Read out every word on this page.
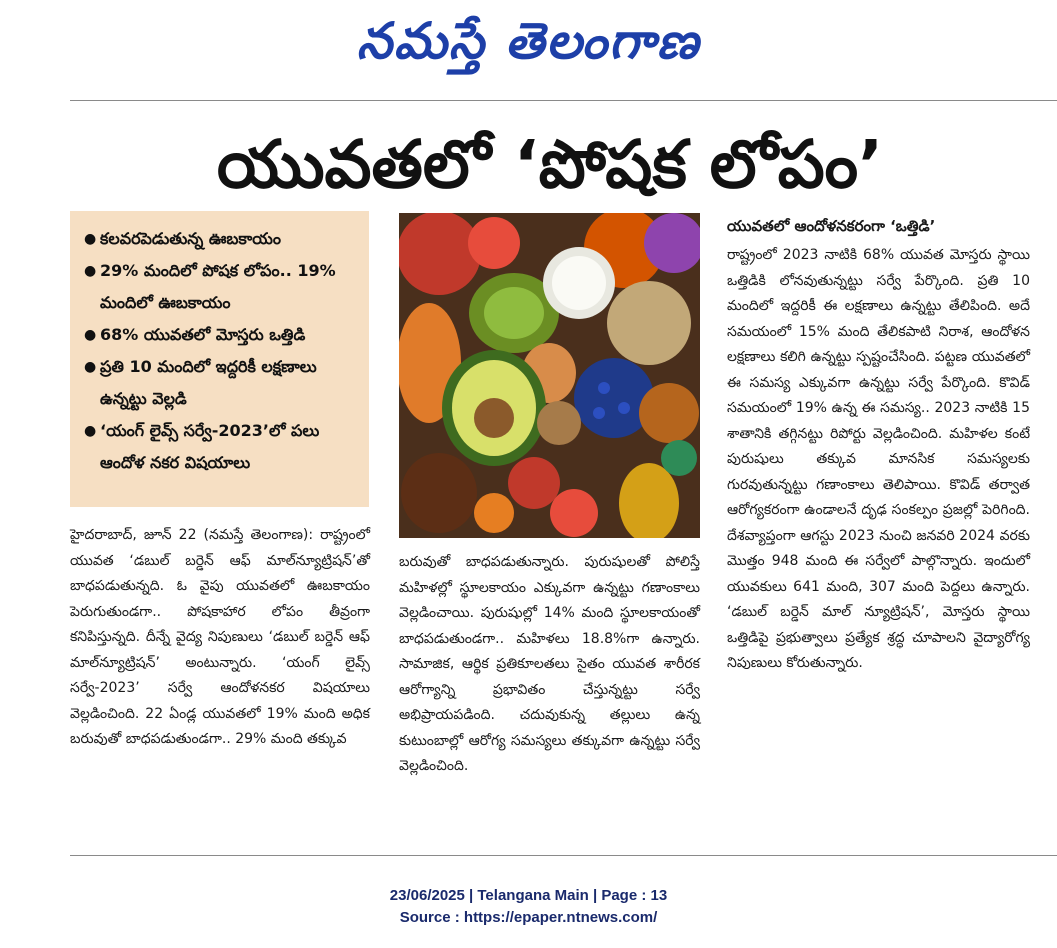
నమస్తే తెలంగాణ
యువతలో ‘పోషక లోపం’
● కలవరపెడుతున్న ఊబకాయం
● 29% మందిలో పోషక లోపం.. 19% మందిలో ఊబకాయం
● 68% యువతలో మోస్తరు ఒత్తిడి
● ప్రతి 10 మందిలో ఇద్దరికీ లక్షణాలు ఉన్నట్టు వెల్లడి
● ‘యంగ్ లైవ్స్ సర్వే-2023’లో పలు ఆందోళ నకర విషయాలు
హైదరాబాద్, జూన్ 22 (నమస్తే తెలంగాణ): రాష్ట్రంలో యువత ‘డబుల్ బర్డెన్ ఆఫ్ మాల్‌న్యూట్రిషన్’తో బాధపడుతున్నది. ఓ వైపు యువతలో ఊబకాయం పెరుగుతుండగా.. పోషకాహార లోపం తీవ్రంగా కనిపిస్తున్నది. దీన్నే వైద్య నిపుణులు ‘డబుల్ బర్డెన్ ఆఫ్ మాల్‌న్యూట్రిషన్’ అంటున్నారు. ‘యంగ్ లైవ్స్ సర్వే-2023’ సర్వే ఆందోళనకర విషయాలు వెల్లడించింది. 22 ఏండ్ల యువతలో 19% మంది అధిక బరువుతో బాధపడుతుండగా.. 29% మంది తక్కువ
బరువుతో బాధపడుతున్నారు. పురుషులతో పోలిస్తే మహిళల్లో స్థూలకాయం ఎక్కువగా ఉన్నట్టు గణాంకాలు వెల్లడించాయి. పురుషుల్లో 14% మంది స్థూలకాయంతో బాధపడుతుండగా.. మహిళలు 18.8%గా ఉన్నారు. సామాజిక, ఆర్థిక ప్రతికూలతలు సైతం యువత శారీరక ఆరోగ్యాన్ని ప్రభావితం చేస్తున్నట్టు సర్వే అభిప్రాయపడింది. చదువుకున్న తల్లులు ఉన్న కుటుంబాల్లో ఆరోగ్య సమస్యలు తక్కువగా ఉన్నట్టు సర్వే వెల్లడించింది.
యువతలో ఆందోళనకరంగా ‘ఒత్తిడి’
రాష్ట్రంలో 2023 నాటికి 68% యువత మోస్తరు స్థాయి ఒత్తిడికి లోనవుతున్నట్టు సర్వే పేర్కొంది. ప్రతి 10 మందిలో ఇద్దరికీ ఈ లక్షణాలు ఉన్నట్టు తేలిపింది. అదే సమయంలో 15% మంది తేలికపాటి నిరాశ, ఆందోళన లక్షణాలు కలిగి ఉన్నట్టు స్పష్టంచేసింది. పట్టణ యువతలో ఈ సమస్య ఎక్కువగా ఉన్నట్టు సర్వే పేర్కొంది. కొవిడ్ సమయంలో 19% ఉన్న ఈ సమస్య.. 2023 నాటికి 15 శాతానికి తగ్గినట్టు రిపోర్టు వెల్లడించింది. మహిళల కంటే పురుషులు తక్కువ మానసిక సమస్యలకు గురవుతున్నట్టు గణాంకాలు తెలిపాయి. కొవిడ్ తర్వాత ఆరోగ్యకరంగా ఉండాలనే దృఢ సంకల్పం ప్రజల్లో పెరిగింది. దేశవ్యాప్తంగా ఆగస్టు 2023 నుంచి జనవరి 2024 వరకు మొత్తం 948 మంది ఈ సర్వేలో పాల్గొన్నారు. ఇందులో యువకులు 641 మంది, 307 మంది పెద్దలు ఉన్నారు. ‘డబుల్ బర్డెన్ మాల్ న్యూట్రిషన్’, మోస్తరు స్థాయి ఒత్తిడిపై ప్రభుత్వాలు ప్రత్యేక శ్రద్ధ చూపాలని వైద్యారోగ్య నిపుణులు కోరుతున్నారు.
23/06/2025 | Telangana Main | Page : 13
Source : https://epaper.ntnews.com/
